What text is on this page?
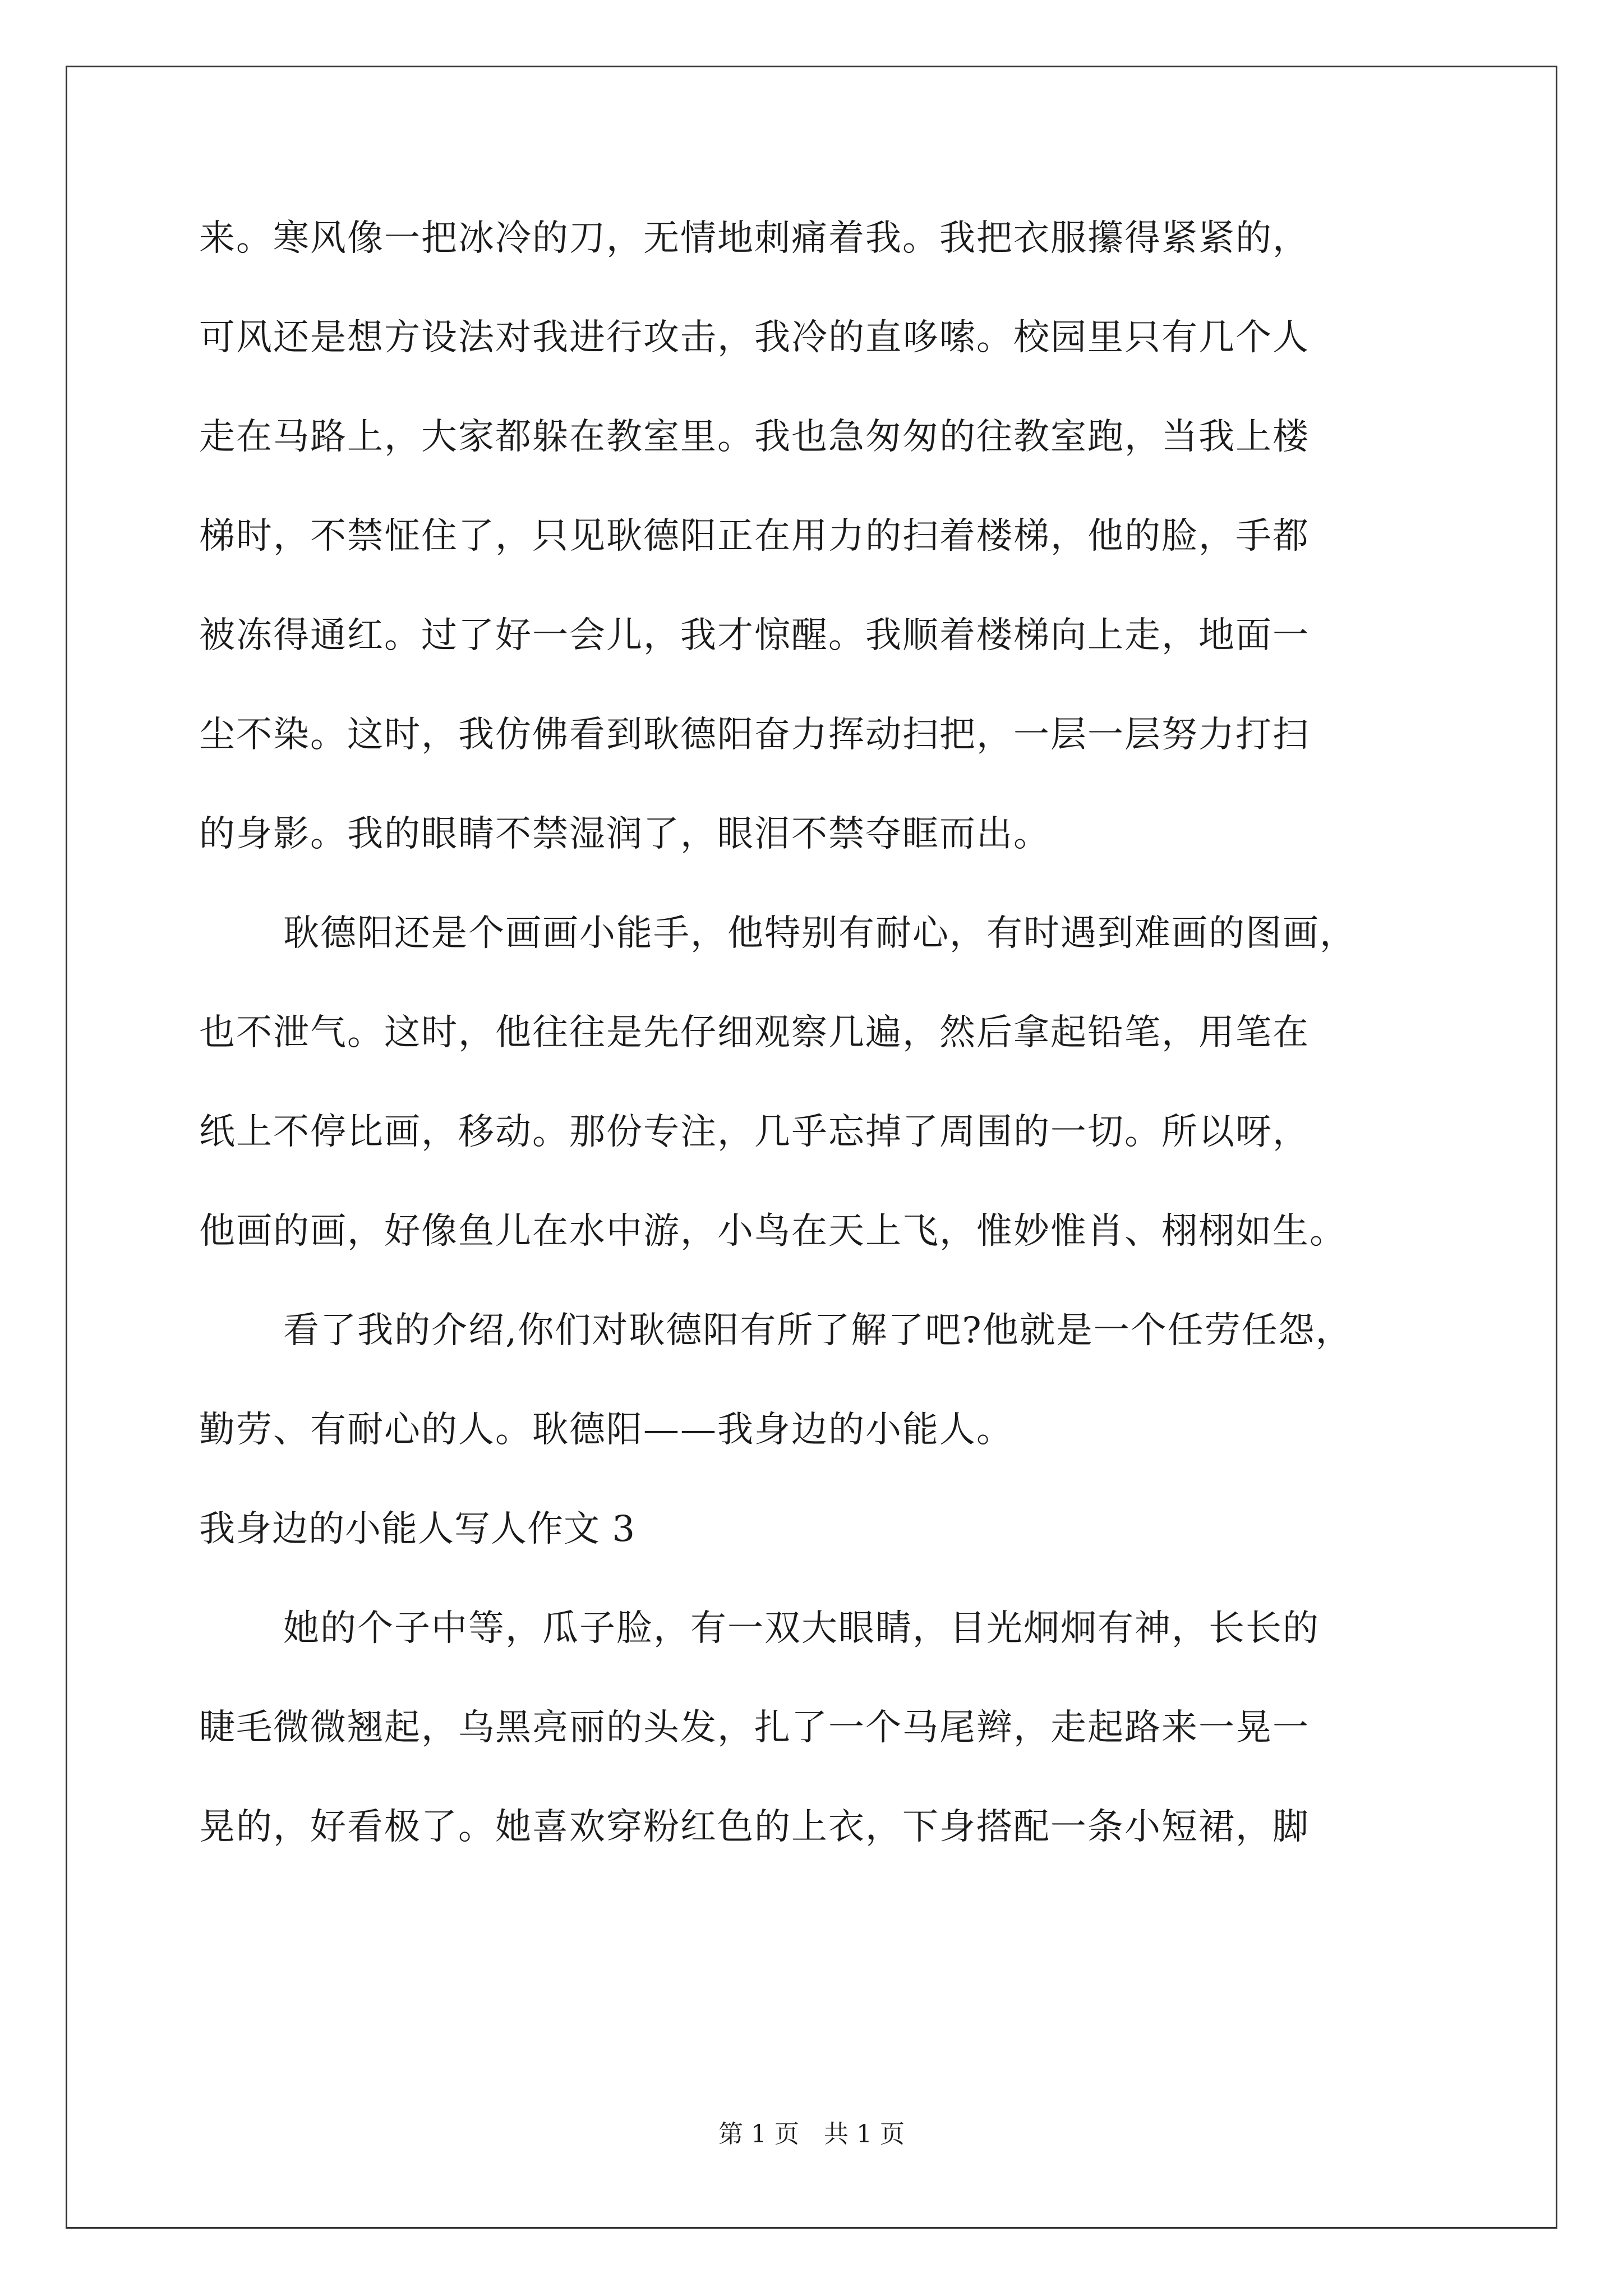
来。寒风像一把冰冷的刀，无情地刺痛着我。我把衣服攥得紧紧的，
可风还是想方设法对我进行攻击，我冷的直哆嗦。校园里只有几个人
走在马路上，大家都躲在教室里。我也急匆匆的往教室跑，当我上楼
梯时，不禁怔住了，只见耿德阳正在用力的扫着楼梯，他的脸，手都
被冻得通红。过了好一会儿，我才惊醒。我顺着楼梯向上走，地面一
尘不染。这时，我仿佛看到耿德阳奋力挥动扫把，一层一层努力打扫
的身影。我的眼睛不禁湿润了，眼泪不禁夺眶而出。
耿德阳还是个画画小能手，他特别有耐心，有时遇到难画的图画，
也不泄气。这时，他往往是先仔细观察几遍，然后拿起铅笔，用笔在
纸上不停比画，移动。那份专注，几乎忘掉了周围的一切。所以呀，
他画的画，好像鱼儿在水中游，小鸟在天上飞，惟妙惟肖、栩栩如生。
看了我的介绍,你们对耿德阳有所了解了吧?他就是一个任劳任怨，
勤劳、有耐心的人。耿德阳——我身边的小能人。
我身边的小能人写人作文 3
她的个子中等，瓜子脸，有一双大眼睛，目光炯炯有神，长长的
睫毛微微翘起，乌黑亮丽的头发，扎了一个马尾辫，走起路来一晃一
晃的，好看极了。她喜欢穿粉红色的上衣，下身搭配一条小短裙，脚
第 1 页　共 1 页
